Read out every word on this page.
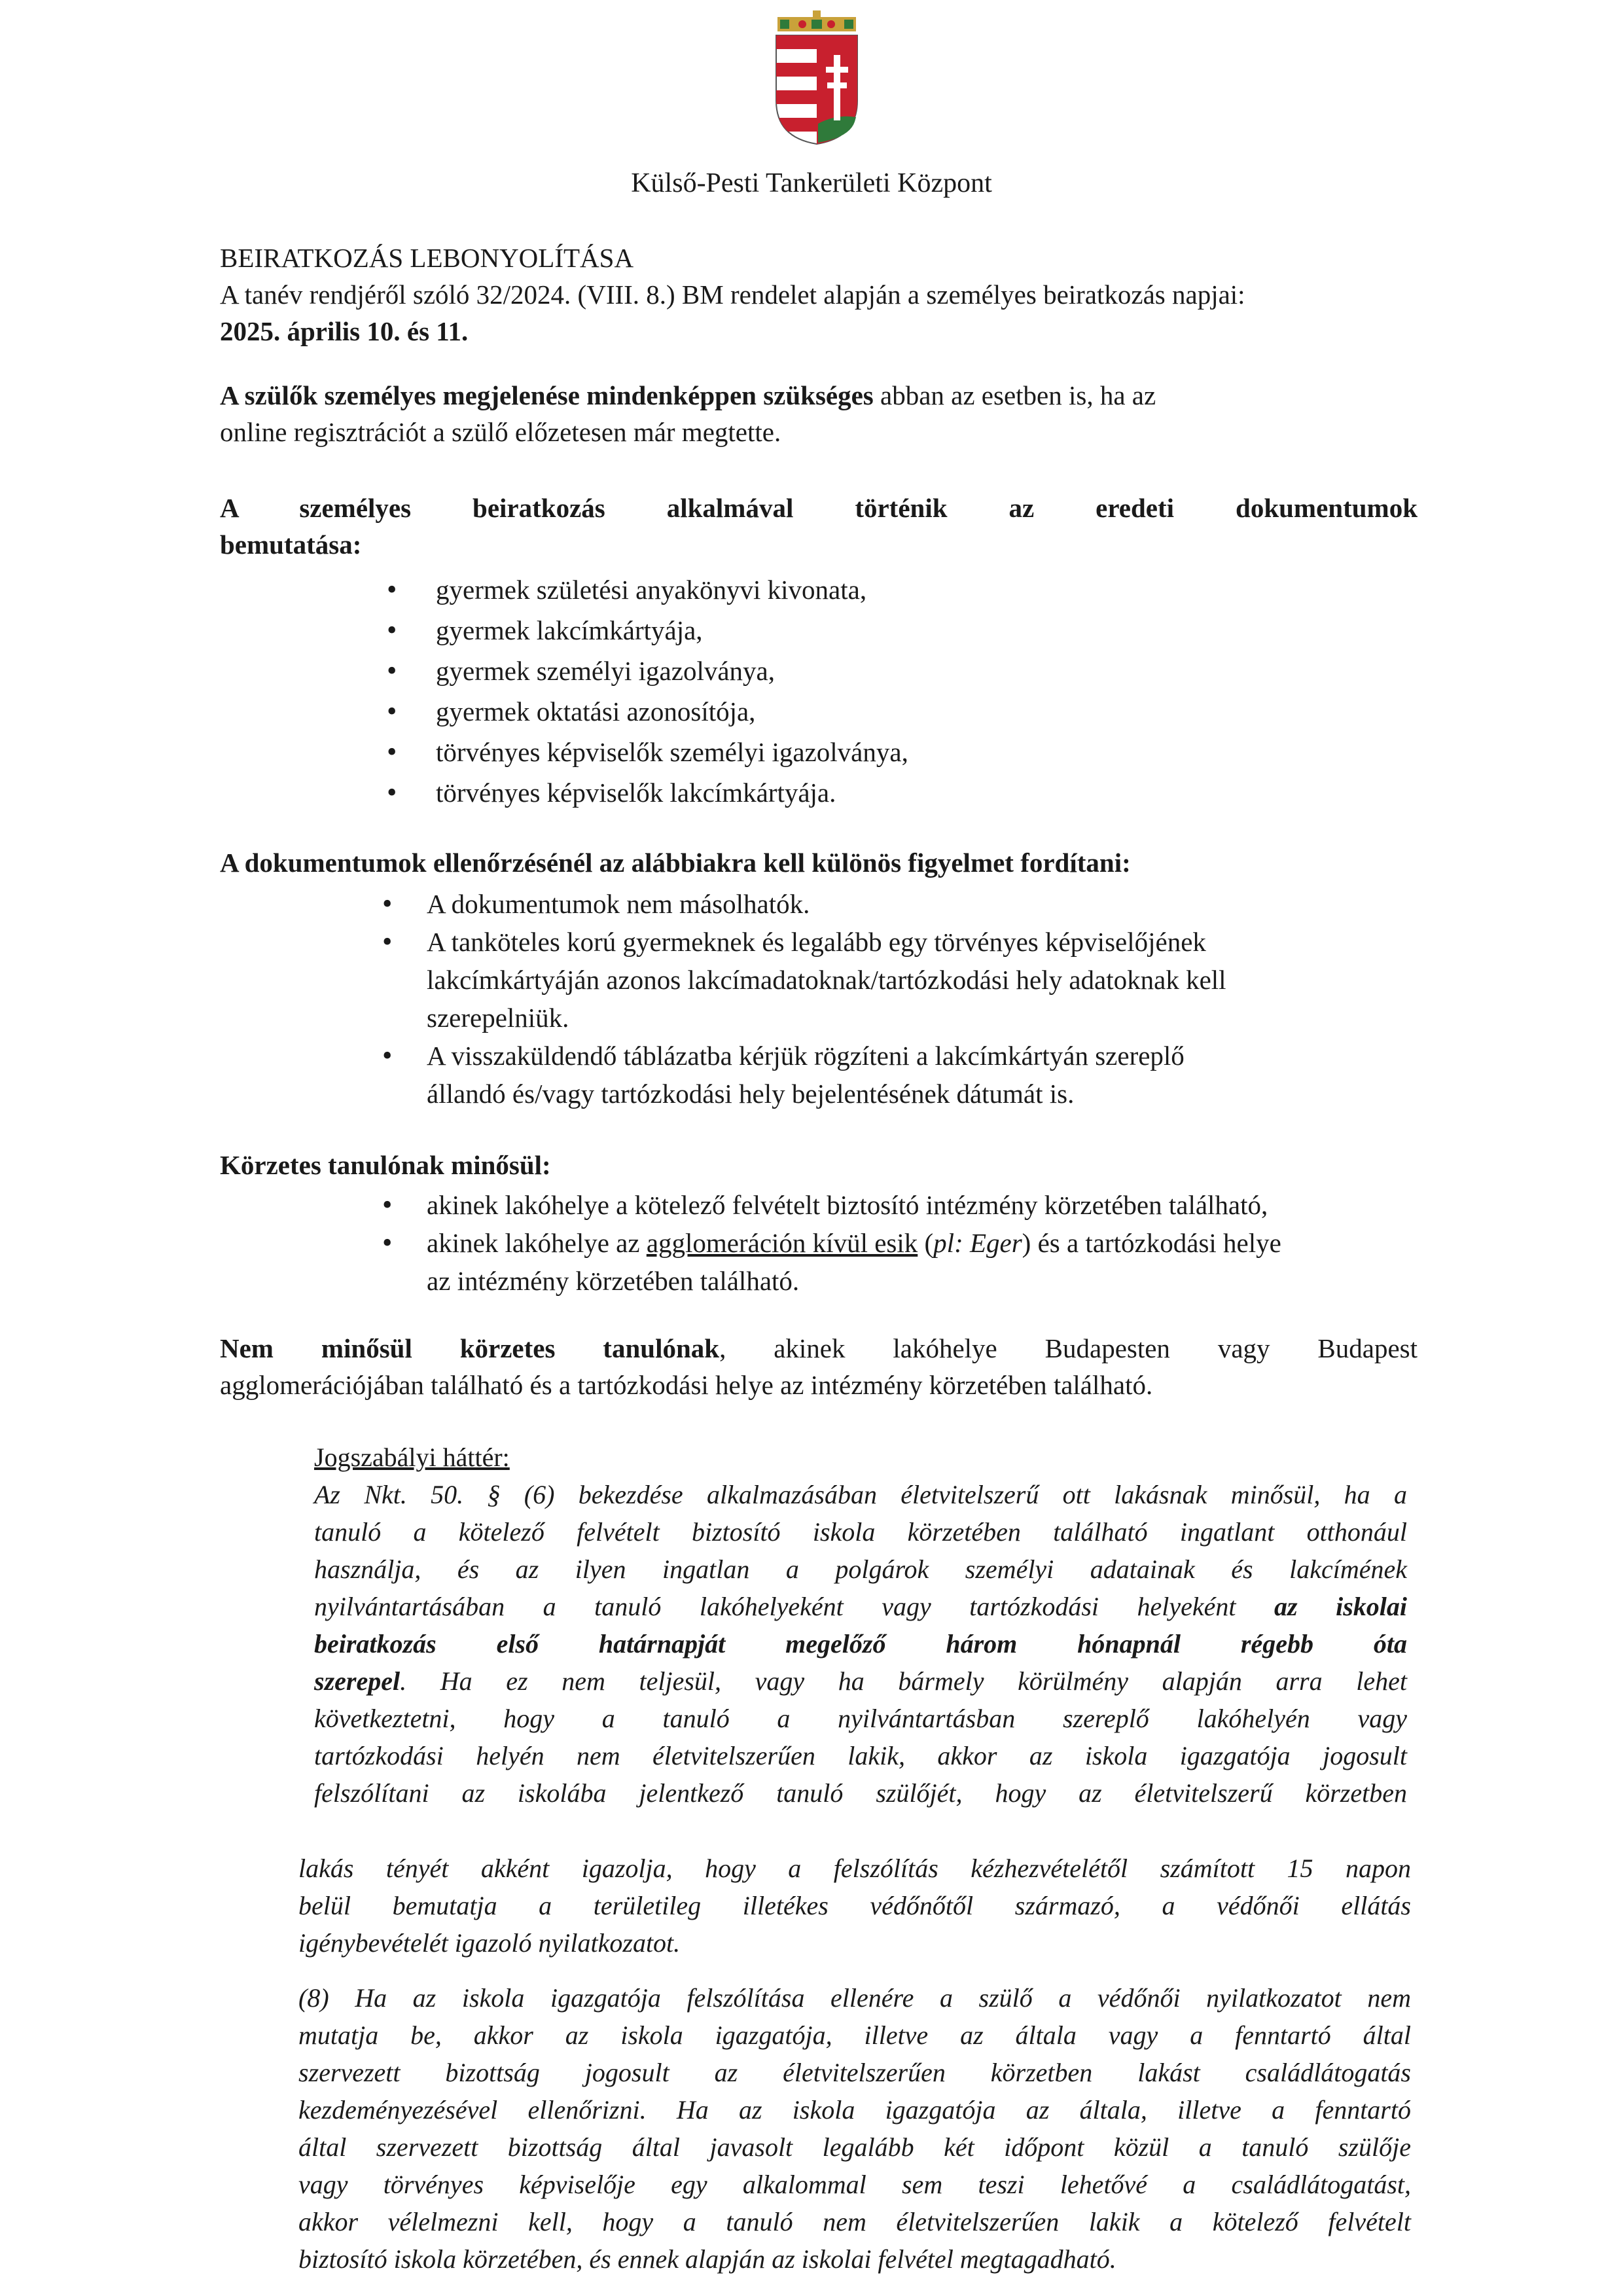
Külső-Pesti Tankerületi Központ
BEIRATKOZÁS LEBONYOLÍTÁSA
A tanév rendjéről szóló 32/2024. (VIII. 8.) BM rendelet alapján a személyes beiratkozás napjai:
2025. április 10. és 11.
A szülők személyes megjelenése mindenképpen szükséges abban az esetben is, ha az
online regisztrációt a szülő előzetesen már megtette.
A személyes beiratkozás alkalmával történik az eredeti dokumentumok
bemutatása:
• gyermek születési anyakönyvi kivonata,
• gyermek lakcímkártyája,
• gyermek személyi igazolványa,
• gyermek oktatási azonosítója,
• törvényes képviselők személyi igazolványa,
• törvényes képviselők lakcímkártyája.
A dokumentumok ellenőrzésénél az alábbiakra kell különös figyelmet fordítani:
• A dokumentumok nem másolhatók.
• A tanköteles korú gyermeknek és legalább egy törvényes képviselőjének
lakcímkártyáján azonos lakcímadatoknak/tartózkodási hely adatoknak kell
szerepelniük.
• A visszaküldendő táblázatba kérjük rögzíteni a lakcímkártyán szereplő
állandó és/vagy tartózkodási hely bejelentésének dátumát is.
Körzetes tanulónak minősül:
• akinek lakóhelye a kötelező felvételt biztosító intézmény körzetében található,
• akinek lakóhelye az agglomeráción kívül esik (pl: Eger) és a tartózkodási helye
az intézmény körzetében található.
Nem minősül körzetes tanulónak, akinek lakóhelye Budapesten vagy Budapest
agglomerációjában található és a tartózkodási helye az intézmény körzetében található.
Jogszabályi háttér:
Az Nkt. 50. § (6) bekezdése alkalmazásában életvitelszerű ott lakásnak minősül, ha a
tanuló a kötelező felvételt biztosító iskola körzetében található ingatlant otthonául
használja, és az ilyen ingatlan a polgárok személyi adatainak és lakcímének
nyilvántartásában a tanuló lakóhelyeként vagy tartózkodási helyeként az iskolai
beiratkozás első határnapját megelőző három hónapnál régebb óta
szerepel. Ha ez nem teljesül, vagy ha bármely körülmény alapján arra lehet
következtetni, hogy a tanuló a nyilvántartásban szereplő lakóhelyén vagy
tartózkodási helyén nem életvitelszerűen lakik, akkor az iskola igazgatója jogosult
felszólítani az iskolába jelentkező tanuló szülőjét, hogy az életvitelszerű körzetben
lakás tényét akként igazolja, hogy a felszólítás kézhezvételétől számított 15 napon
belül bemutatja a területileg illetékes védőnőtől származó, a védőnői ellátás
igénybevételét igazoló nyilatkozatot.
(8) Ha az iskola igazgatója felszólítása ellenére a szülő a védőnői nyilatkozatot nem
mutatja be, akkor az iskola igazgatója, illetve az általa vagy a fenntartó által
szervezett bizottság jogosult az életvitelszerűen körzetben lakást családlátogatás
kezdeményezésével ellenőrizni. Ha az iskola igazgatója az általa, illetve a fenntartó
által szervezett bizottság által javasolt legalább két időpont közül a tanuló szülője
vagy törvényes képviselője egy alkalommal sem teszi lehetővé a családlátogatást,
akkor vélelmezni kell, hogy a tanuló nem életvitelszerűen lakik a kötelező felvételt
biztosító iskola körzetében, és ennek alapján az iskolai felvétel megtagadható.
